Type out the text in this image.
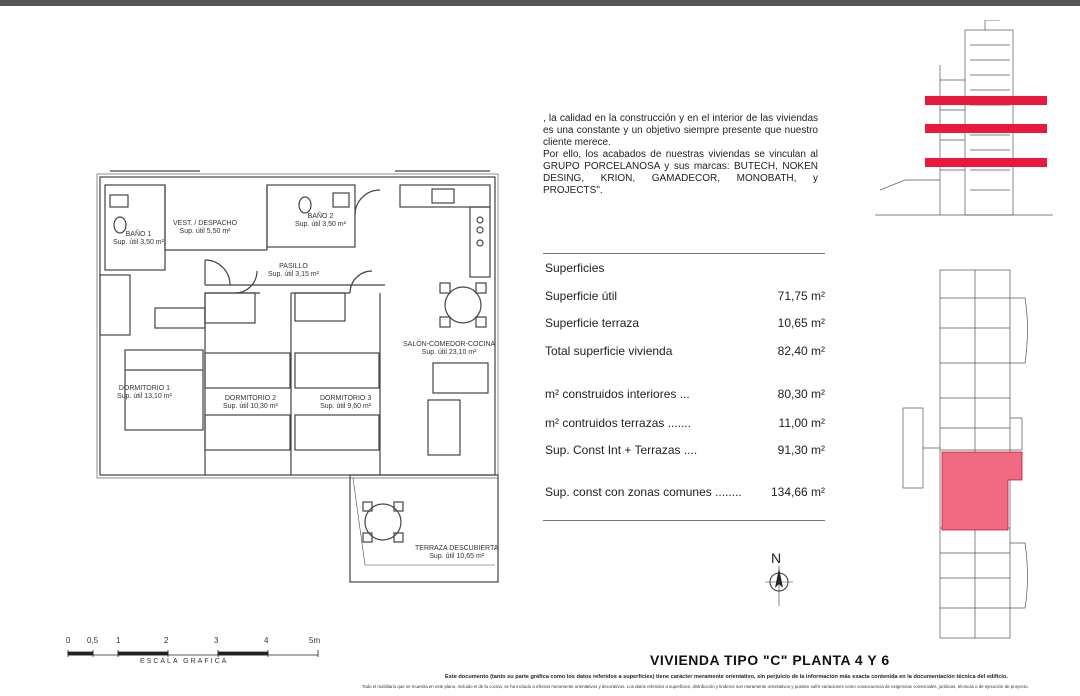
BAÑO 1
Sup. útil 3,50 m²
VEST. / DESPACHO
Sup. útil 5,50 m²
BAÑO 2
Sup. útil 3,50 m²
PASILLO
Sup. útil 3,15 m²
SALÓN-COMEDOR-COCINA
Sup. útil 23,10 m²
DORMITORIO 1
Sup. útil 13,10 m²	DORMITORIO 2
Sup. útil 10,30 m²
DORMITORIO 3
Sup. útil 9,60 m²
TERRAZA DESCUBIERTA
Sup. útil 10,65 m²

, la calidad en la construcción y en el interior de las viviendas es una constante y un objetivo siempre presente que nuestro cliente merece.

Por ello, los acabados de nuestras viviendas se vinculan al GRUPO PORCELANOSA y sus marcas: BUTECH, NOKEN DESING, KRION, GAMADECOR, MONOBATH, y PROJECTS".

Superficies
Superficie útil	71,75 m²
Superficie terraza	10,65 m²
Total superficie vivienda	82,40 m²
m² construidos interiores ...	80,30 m²
m² contruidos terrazas .......	11,00 m²
Sup. Const Int + Terrazas ....	91,30 m²
Sup. const con zonas comunes ........ 134,66 m²
N
0 0,5 1	2	3	4	5m
ESCALA GRAFICA	VIVIENDA TIPO "C" PLANTA 4 Y 6
Este documento (tanto su parte gráfica como los datos referidos a superficies) tiene carácter meramente orientativo, sin perjuicio de la información más exacta contenida en la documentación técnica del edificio.
Todo el mobiliario que se muestra en este plano, incluido el de la cocina, se ha incluido a efectos meramente orientativos y decorativos. Los datos referidos a superficies, distribución y linderos son meramente orientativos y pueden sufrir variaciones como consecuencia de exigencias comerciales, jurídicas, técnicas o de ejecución de proyecto.
